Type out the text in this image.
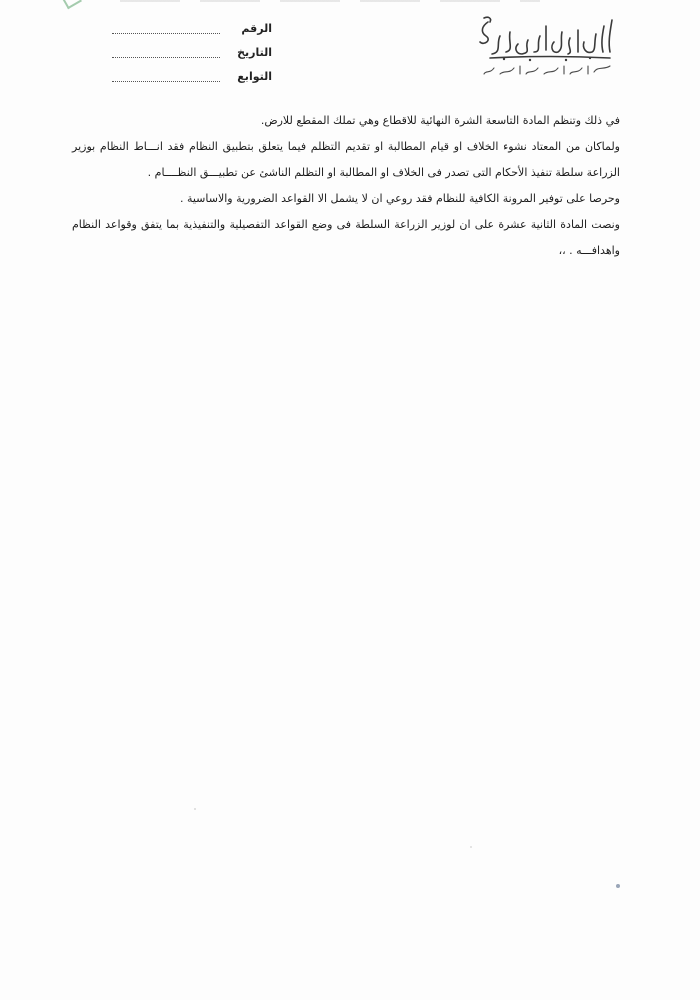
الرقم
التاريخ
التوابع

في ذلك وتنظم المادة التاسعة الشرة النهائية للاقطاع وهي تملك المقطع للارض.

ولماكان من المعتاد نشوء الخلاف او قيام المطالبة او تقديم التظلم فيما يتعلق بتطبيق النظام فقد انـــاط النظام بوزير الزراعة سلطة تنفيذ الأحكام التى تصدر فى الخلاف او المطالبة او التظلم الناشئ عن تطبيـــق النظــــام .

وحرصا على توفير المرونة الكافية للنظام فقد روعي ان لا يشمل الا القواعد الضرورية والاساسية .

ونصت المادة الثانية عشرة على ان لوزير الزراعة السلطة فى وضع القواعد التفصيلية والتنفيذية بما يتفق وقواعد النظام واهدافـــه . ،،
